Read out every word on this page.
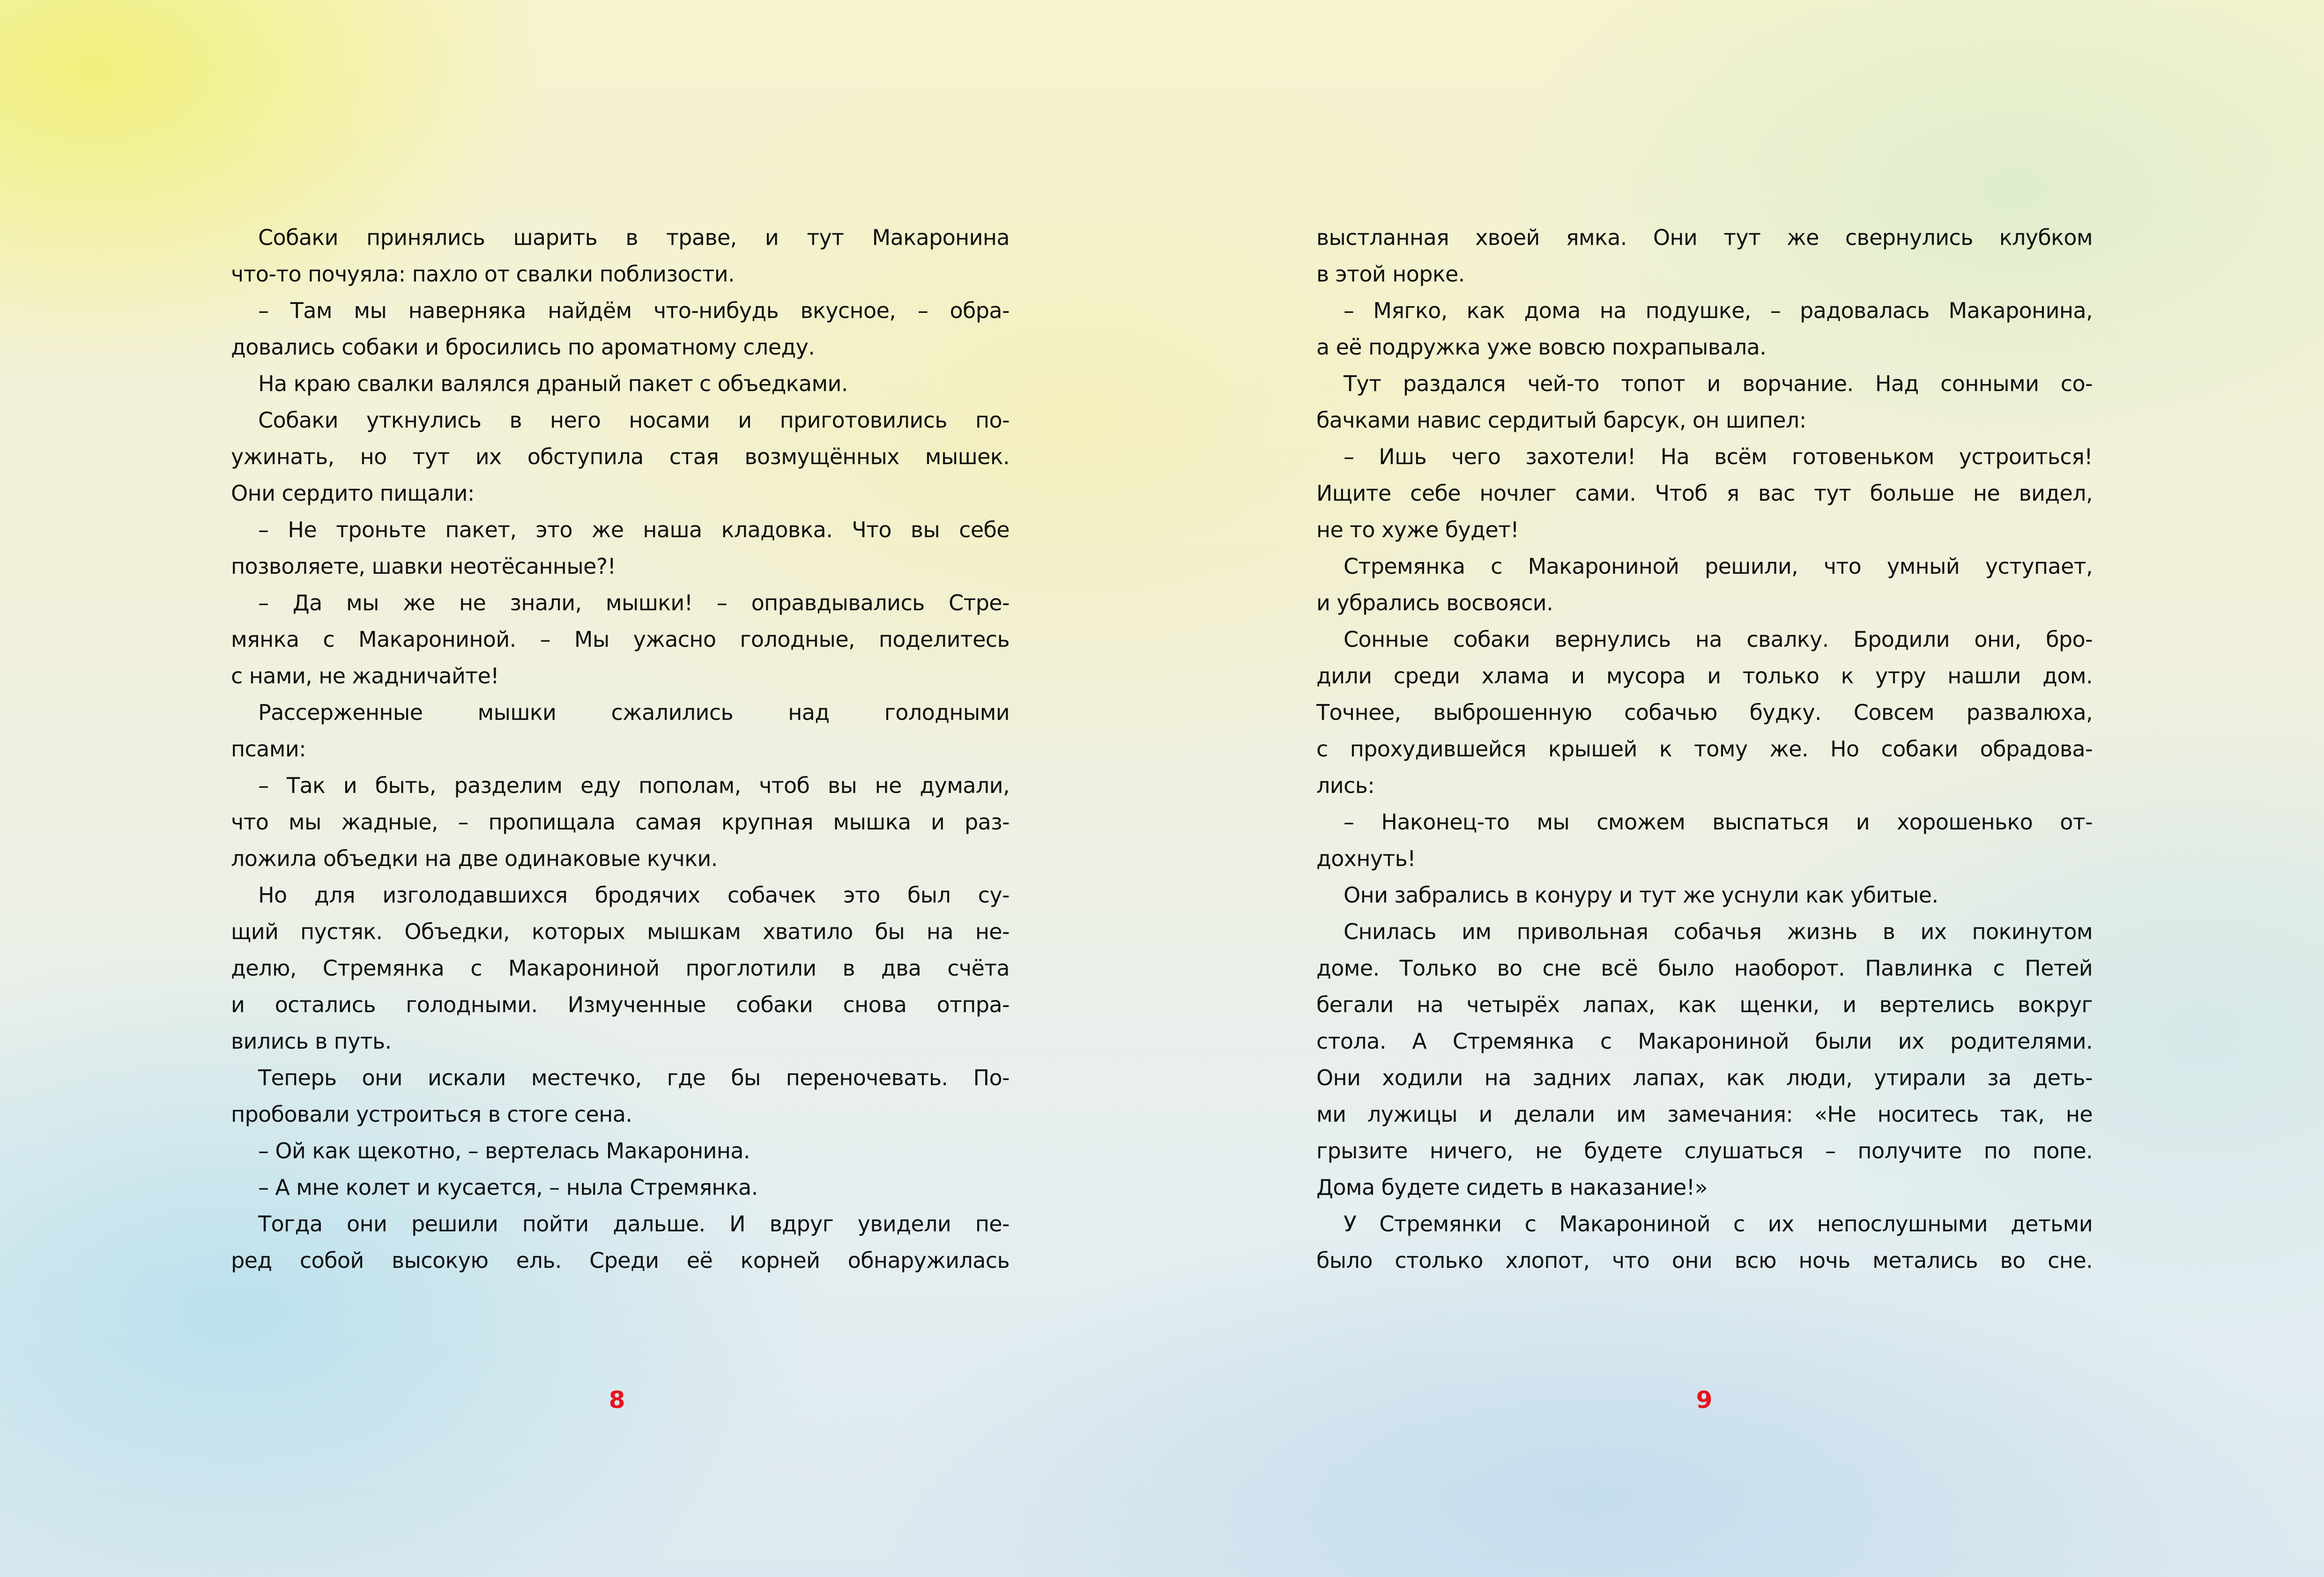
Собаки принялись шарить в траве, и тут Макаронина
что-то почуяла: пахло от свалки поблизости.
– Там мы наверняка найдём что-нибудь вкусное, – обра-
довались собаки и бросились по ароматному следу.
На краю свалки валялся драный пакет с объедками.
Собаки уткнулись в него носами и приготовились по-
ужинать, но тут их обступила стая возмущённых мышек.
Они сердито пищали:
– Не троньте пакет, это же наша кладовка. Что вы себе
позволяете, шавки неотёсанные?!
– Да мы же не знали, мышки! – оправдывались Стре-
мянка с Макарониной. – Мы ужасно голодные, поделитесь
с нами, не жадничайте!
Рассерженные мышки сжалились над голодными
псами:
– Так и быть, разделим еду пополам, чтоб вы не думали,
что мы жадные, – пропищала самая крупная мышка и раз-
ложила объедки на две одинаковые кучки.
Но для изголодавшихся бродячих собачек это был су-
щий пустяк. Объедки, которых мышкам хватило бы на не-
делю, Стремянка с Макарониной проглотили в два счёта
и остались голодными. Измученные собаки снова отпра-
вились в путь.
Теперь они искали местечко, где бы переночевать. По-
пробовали устроиться в стоге сена.
– Ой как щекотно, – вертелась Макаронина.
– А мне колет и кусается, – ныла Стремянка.
Тогда они решили пойти дальше. И вдруг увидели пе-
ред собой высокую ель. Среди её корней обнаружилась
выстланная хвоей ямка. Они тут же свернулись клубком
в этой норке.
– Мягко, как дома на подушке, – радовалась Макаронина,
а её подружка уже вовсю похрапывала.
Тут раздался чей-то топот и ворчание. Над сонными со-
бачками навис сердитый барсук, он шипел:
– Ишь чего захотели! На всём готовеньком устроиться!
Ищите себе ночлег сами. Чтоб я вас тут больше не видел,
не то хуже будет!
Стремянка с Макарониной решили, что умный уступает,
и убрались восвояси.
Сонные собаки вернулись на свалку. Бродили они, бро-
дили среди хлама и мусора и только к утру нашли дом.
Точнее, выброшенную собачью будку. Совсем развалюха,
с прохудившейся крышей к тому же. Но собаки обрадова-
лись:
– Наконец-то мы сможем выспаться и хорошенько от-
дохнуть!
Они забрались в конуру и тут же уснули как убитые.
Снилась им привольная собачья жизнь в их покинутом
доме. Только во сне всё было наоборот. Павлинка с Петей
бегали на четырёх лапах, как щенки, и вертелись вокруг
стола. А Стремянка с Макарониной были их родителями.
Они ходили на задних лапах, как люди, утирали за деть-
ми лужицы и делали им замечания: «Не носитесь так, не
грызите ничего, не будете слушаться – получите по попе.
Дома будете сидеть в наказание!»
У Стремянки с Макарониной с их непослушными детьми
было столько хлопот, что они всю ночь метались во сне.
8	9
